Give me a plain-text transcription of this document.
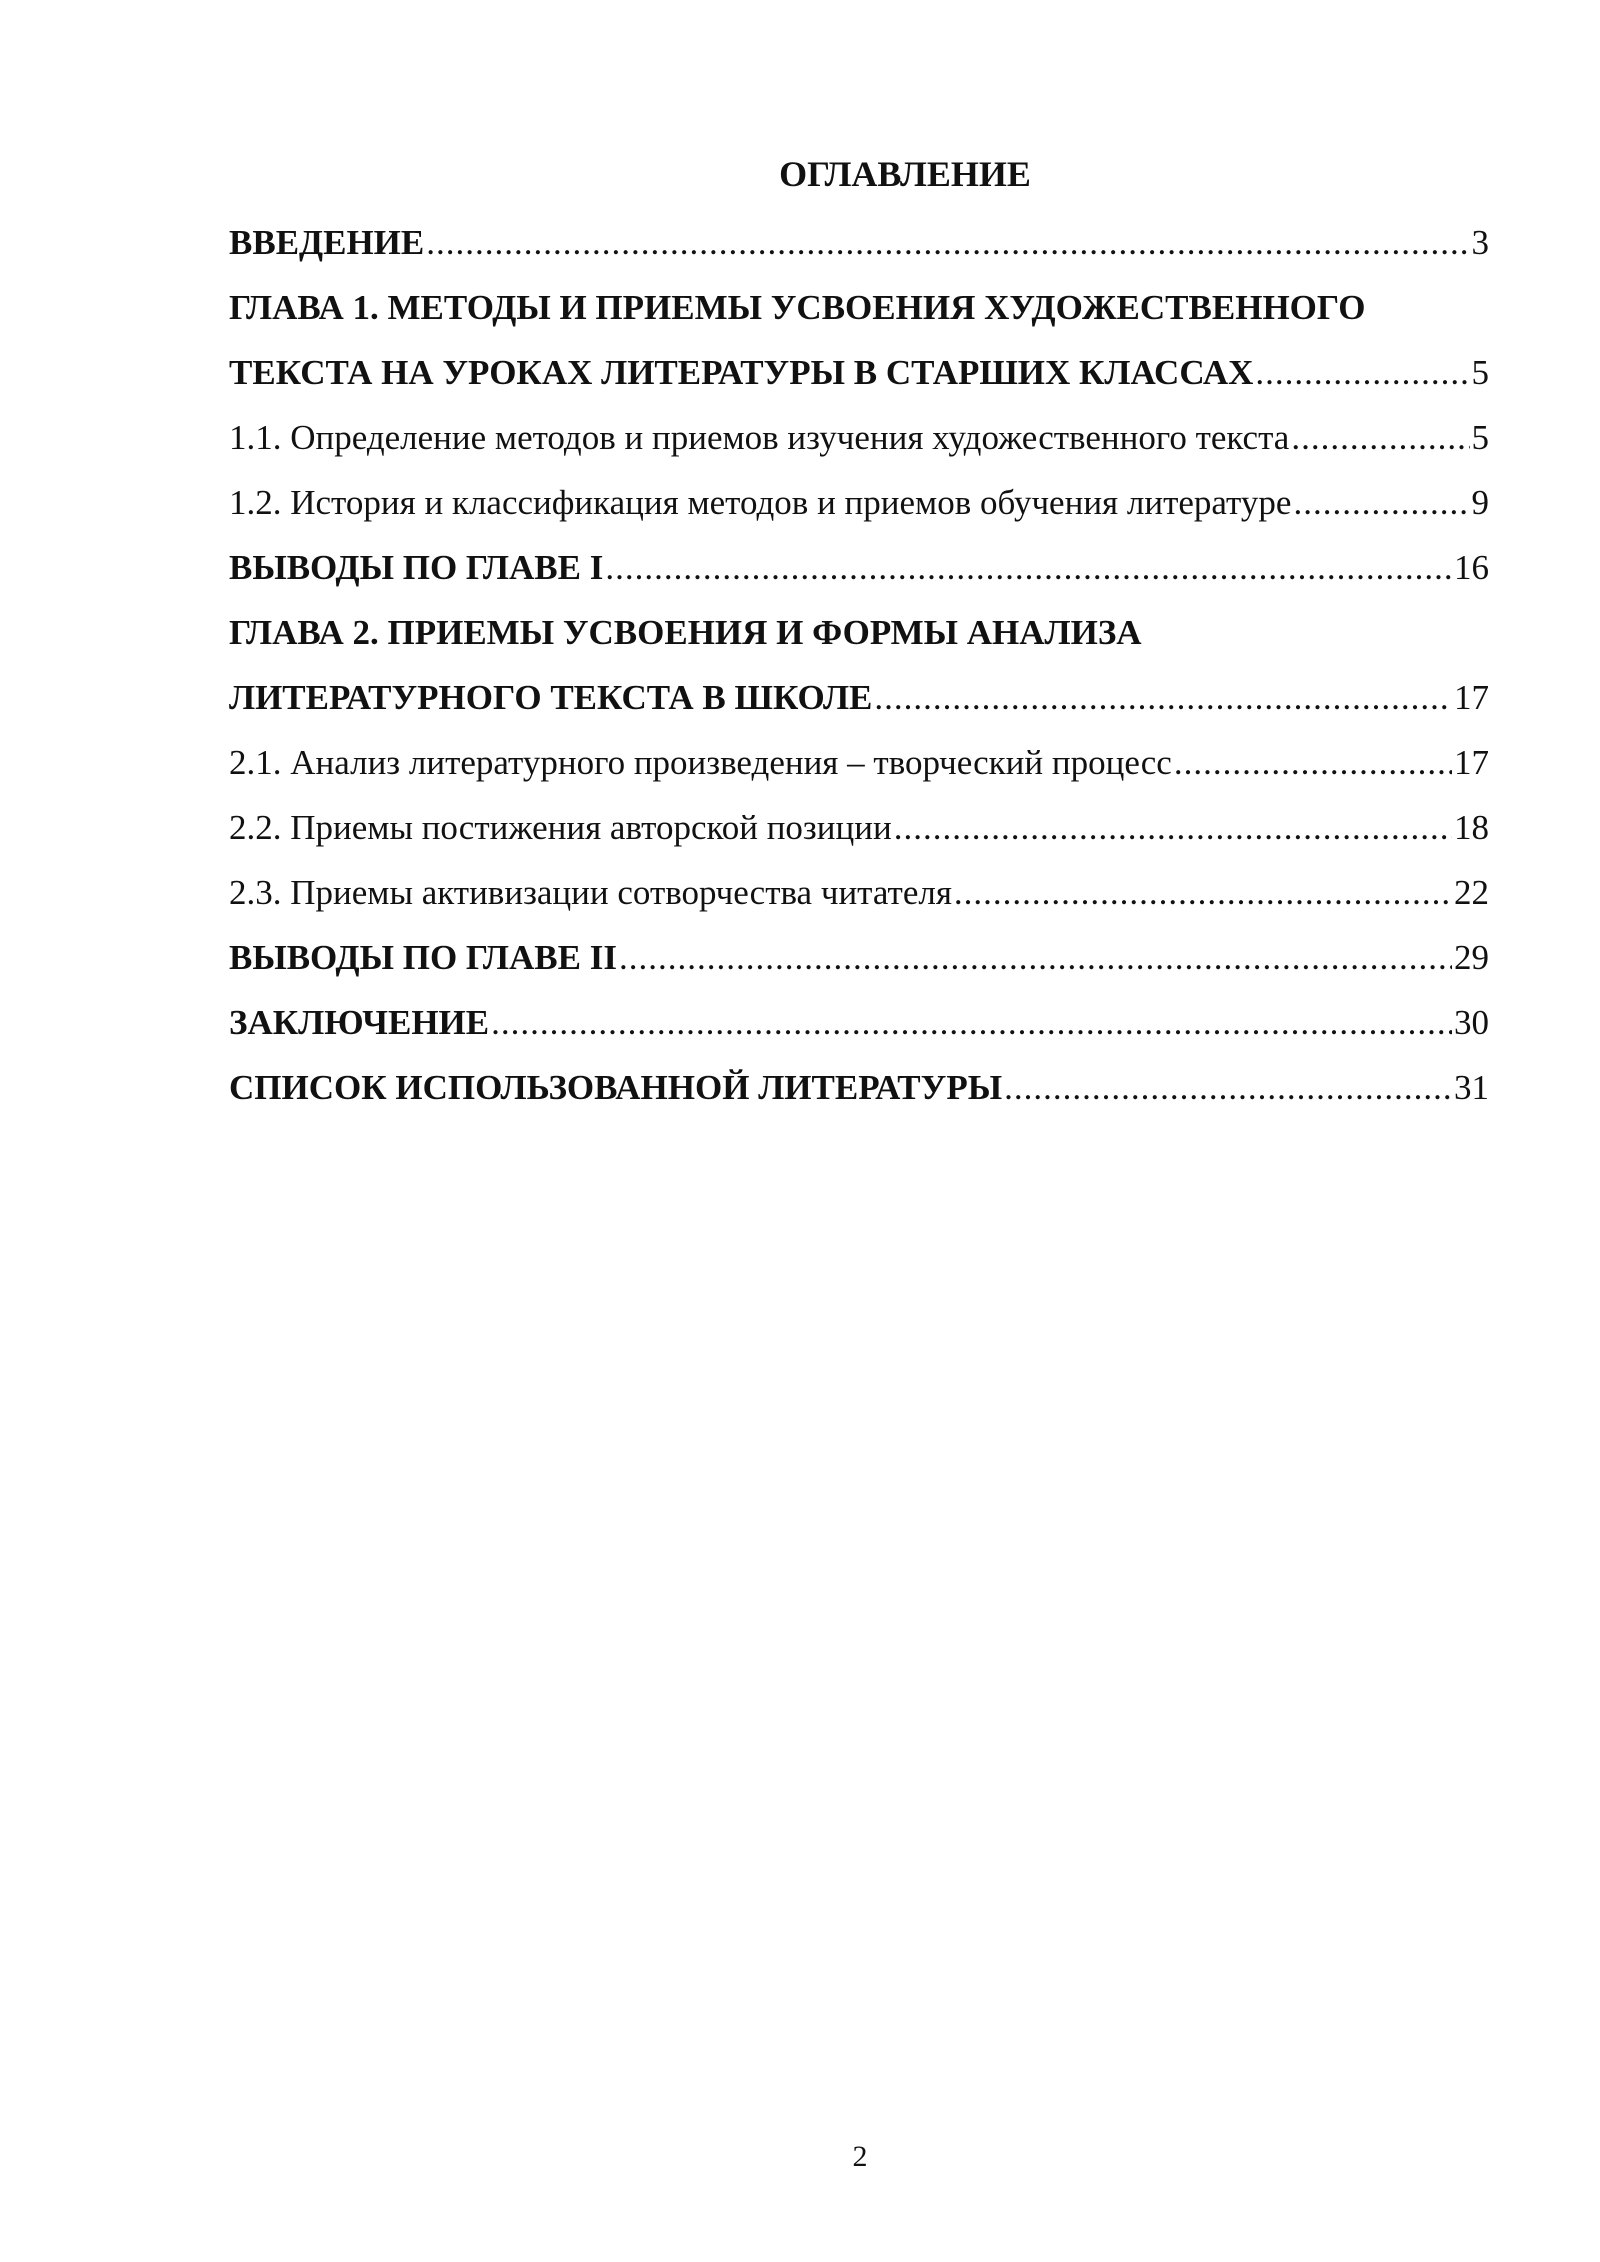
ОГЛАВЛЕНИЕ
ВВЕДЕНИЕ .....	3
ГЛАВА 1. МЕТОДЫ И ПРИЕМЫ УСВОЕНИЯ ХУДОЖЕСТВЕННОГО
ТЕКСТА НА УРОКАХ ЛИТЕРАТУРЫ В СТАРШИХ КЛАССАХ .....	5
1.1. Определение методов и приемов изучения художественного текста .....	5
1.2. История и классификация методов и приемов обучения литературе .....	9
ВЫВОДЫ ПО ГЛАВЕ I .....	16
ГЛАВА 2. ПРИЕМЫ УСВОЕНИЯ И ФОРМЫ АНАЛИЗА
ЛИТЕРАТУРНОГО ТЕКСТА В ШКОЛЕ .....	17
2.1. Анализ литературного произведения – творческий процесс .....	17
2.2. Приемы постижения авторской позиции .....	18
2.3. Приемы активизации сотворчества читателя .....	22
ВЫВОДЫ ПО ГЛАВЕ II .....	29
ЗАКЛЮЧЕНИЕ .....	30
СПИСОК ИСПОЛЬЗОВАННОЙ ЛИТЕРАТУРЫ .....	31
2
